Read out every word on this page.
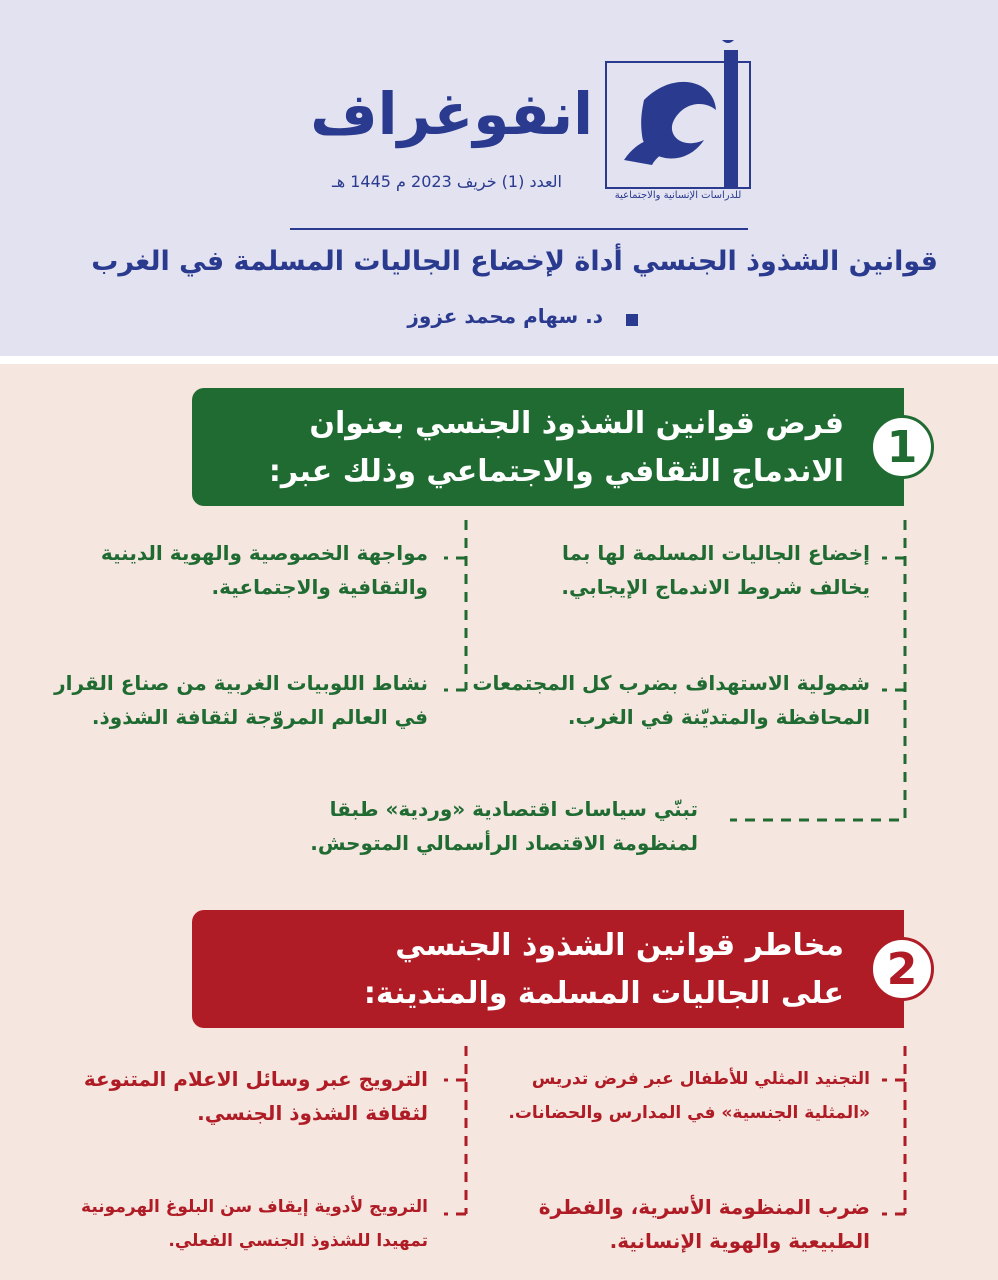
للدراسات الإنسانية والاجتماعية
انفوغراف
العدد (1) خريف 2023 م 1445 هـ
قوانين الشذوذ الجنسي أداة لإخضاع الجاليات المسلمة في الغرب
د. سهام محمد عزوز
فرض قوانين الشذوذ الجنسي بعنوان
الاندماج الثقافي والاجتماعي وذلك عبر: 1
إخضاع الجاليات المسلمة لها بما
يخالف شروط الاندماج الإيجابي.
شمولية الاستهداف بضرب كل المجتمعات
المحافظة والمتديّنة في الغرب.
تبنّي سياسات اقتصادية «وردية» طبقا
لمنظومة الاقتصاد الرأسمالي المتوحش.
مواجهة الخصوصية والهوية الدينية
والثقافية والاجتماعية.
نشاط اللوبيات الغربية من صناع القرار
في العالم المروّجة لثقافة الشذوذ.
مخاطر قوانين الشذوذ الجنسي
على الجاليات المسلمة والمتدينة: 2
التجنيد المثلي للأطفال عبر فرض تدريس
«المثلية الجنسية» في المدارس والحضانات.
ضرب المنظومة الأسرية، والفطرة
الطبيعية والهوية الإنسانية.
الترويج عبر وسائل الاعلام المتنوعة
لثقافة الشذوذ الجنسي.
الترويج لأدوية إيقاف سن البلوغ الهرمونية
تمهيدا للشذوذ الجنسي الفعلي.
